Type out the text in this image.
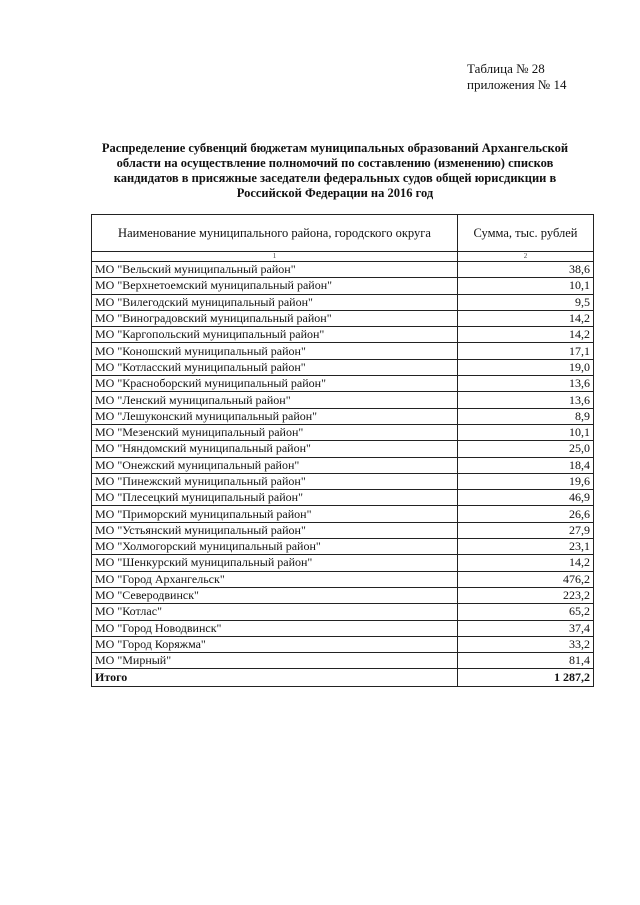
Таблица № 28
приложения № 14
Распределение субвенций бюджетам муниципальных образований Архангельской
области на осуществление полномочий по составлению (изменению) списков
кандидатов в присяжные заседатели федеральных судов общей юрисдикции в
Российской Федерации на 2016 год
Наименование муниципального района, городского округа	Сумма, тыс. рублей
1	2
МО "Вельский муниципальный район"	38,6
МО "Верхнетоемский муниципальный район"	10,1
МО "Вилегодский муниципальный район"	9,5
МО "Виноградовский муниципальный район"	14,2
МО "Каргопольский муниципальный район"	14,2
МО "Коношский муниципальный район"	17,1
МО "Котласский муниципальный район"	19,0
МО "Красноборский муниципальный район"	13,6
МО "Ленский муниципальный район"	13,6
МО "Лешуконский муниципальный район"	8,9
МО "Мезенский муниципальный район"	10,1
МО "Няндомский муниципальный район"	25,0
МО "Онежский муниципальный район"	18,4
МО "Пинежский муниципальный район"	19,6
МО "Плесецкий муниципальный район"	46,9
МО "Приморский муниципальный район"	26,6
МО "Устьянский муниципальный район"	27,9
МО "Холмогорский муниципальный район"	23,1
МО "Шенкурский муниципальный район"	14,2
МО "Город Архангельск"	476,2
МО "Северодвинск"	223,2
МО "Котлас"	65,2
МО "Город Новодвинск"	37,4
МО "Город Коряжма"	33,2
МО "Мирный"	81,4
Итого	1 287,2
